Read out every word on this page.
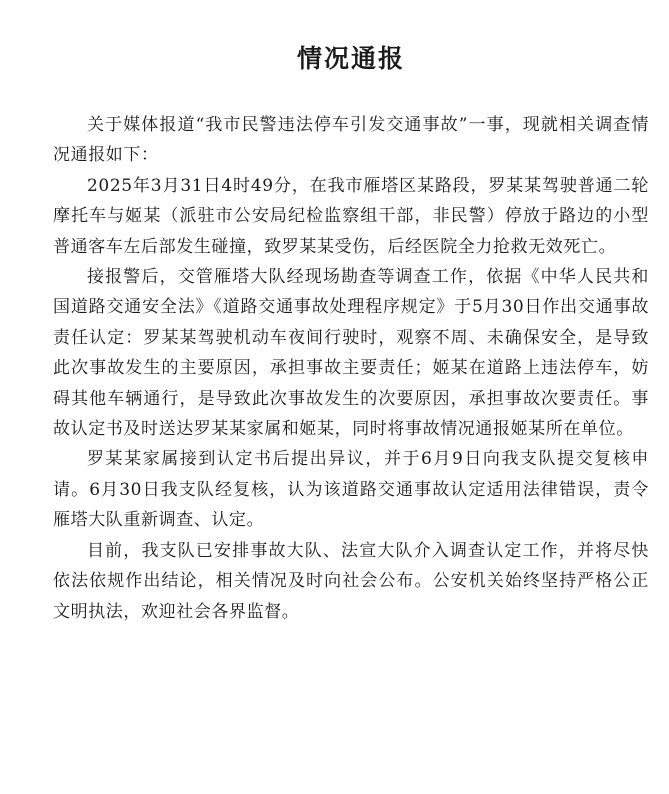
情况通报

关于媒体报道“我市民警违法停车引发交通事故”一事，现就相关调查情况通报如下：

2025年3月31日4时49分，在我市雁塔区某路段，罗某某驾驶普通二轮摩托车与姬某（派驻市公安局纪检监察组干部，非民警）停放于路边的小型普通客车左后部发生碰撞，致罗某某受伤，后经医院全力抢救无效死亡。

接报警后，交管雁塔大队经现场勘查等调查工作，依据《中华人民共和国道路交通安全法》《道路交通事故处理程序规定》于5月30日作出交通事故责任认定：罗某某驾驶机动车夜间行驶时，观察不周、未确保安全，是导致此次事故发生的主要原因，承担事故主要责任；姬某在道路上违法停车，妨碍其他车辆通行，是导致此次事故发生的次要原因，承担事故次要责任。事故认定书及时送达罗某某家属和姬某，同时将事故情况通报姬某所在单位。

罗某某家属接到认定书后提出异议，并于6月9日向我支队提交复核申请。6月30日我支队经复核，认为该道路交通事故认定适用法律错误，责令雁塔大队重新调查、认定。

目前，我支队已安排事故大队、法宣大队介入调查认定工作，并将尽快依法依规作出结论，相关情况及时向社会公布。公安机关始终坚持严格公正文明执法，欢迎社会各界监督。
